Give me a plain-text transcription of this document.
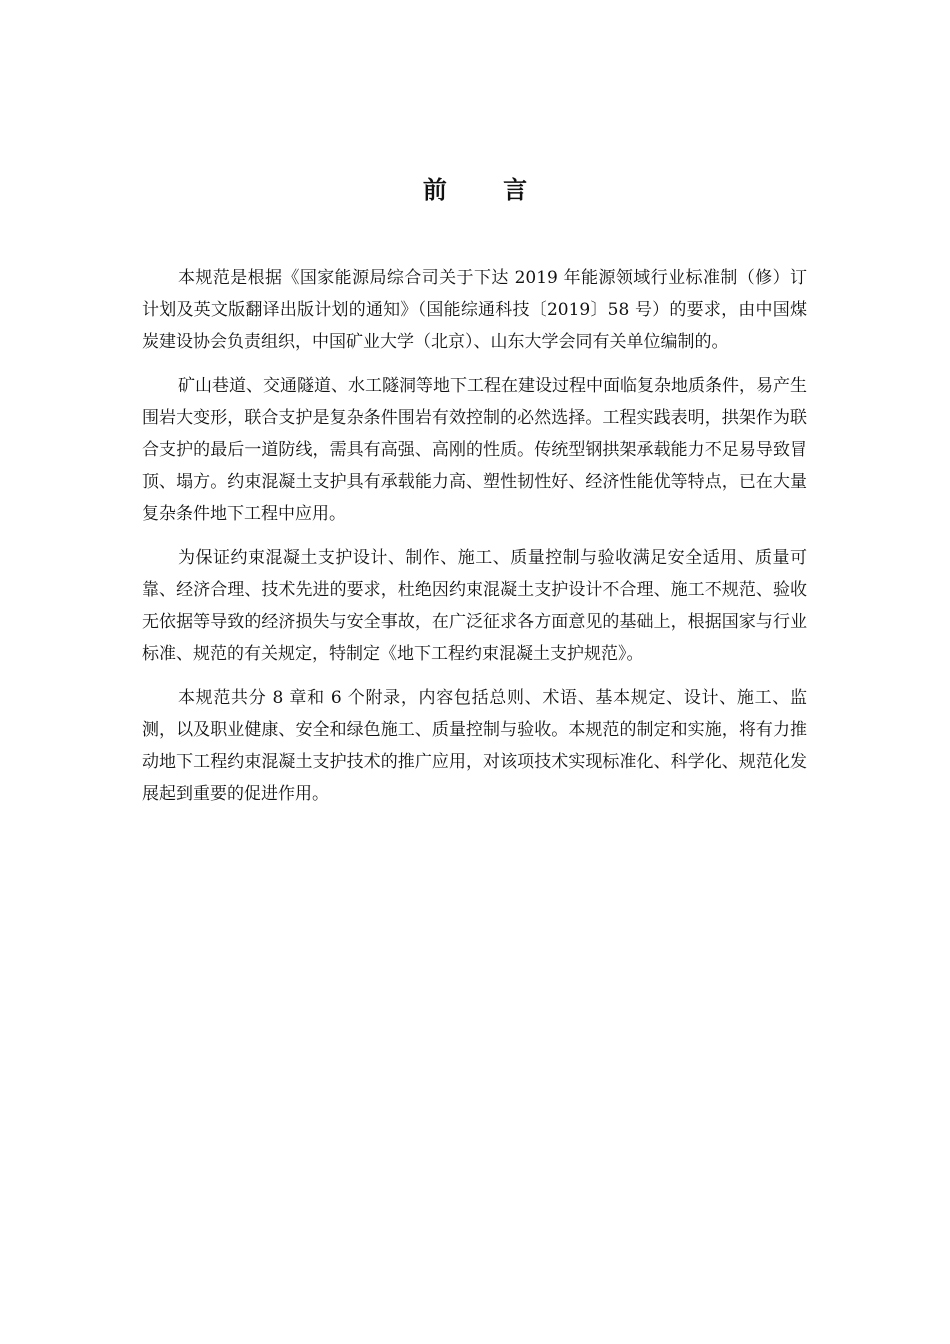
前 言

本规范是根据《国家能源局综合司关于下达 2019 年能源领域行业标准制（修）订计划及英文版翻译出版计划的通知》（国能综通科技〔2019〕58 号）的要求，由中国煤炭建设协会负责组织，中国矿业大学（北京）、山东大学会同有关单位编制的。

矿山巷道、交通隧道、水工隧洞等地下工程在建设过程中面临复杂地质条件，易产生围岩大变形，联合支护是复杂条件围岩有效控制的必然选择。工程实践表明，拱架作为联合支护的最后一道防线，需具有高强、高刚的性质。传统型钢拱架承载能力不足易导致冒顶、塌方。约束混凝土支护具有承载能力高、塑性韧性好、经济性能优等特点，已在大量复杂条件地下工程中应用。

为保证约束混凝土支护设计、制作、施工、质量控制与验收满足安全适用、质量可靠、经济合理、技术先进的要求，杜绝因约束混凝土支护设计不合理、施工不规范、验收无依据等导致的经济损失与安全事故，在广泛征求各方面意见的基础上，根据国家与行业标准、规范的有关规定，特制定《地下工程约束混凝土支护规范》。

本规范共分 8 章和 6 个附录，内容包括总则、术语、基本规定、设计、施工、监测，以及职业健康、安全和绿色施工、质量控制与验收。本规范的制定和实施，将有力推动地下工程约束混凝土支护技术的推广应用，对该项技术实现标准化、科学化、规范化发展起到重要的促进作用。
